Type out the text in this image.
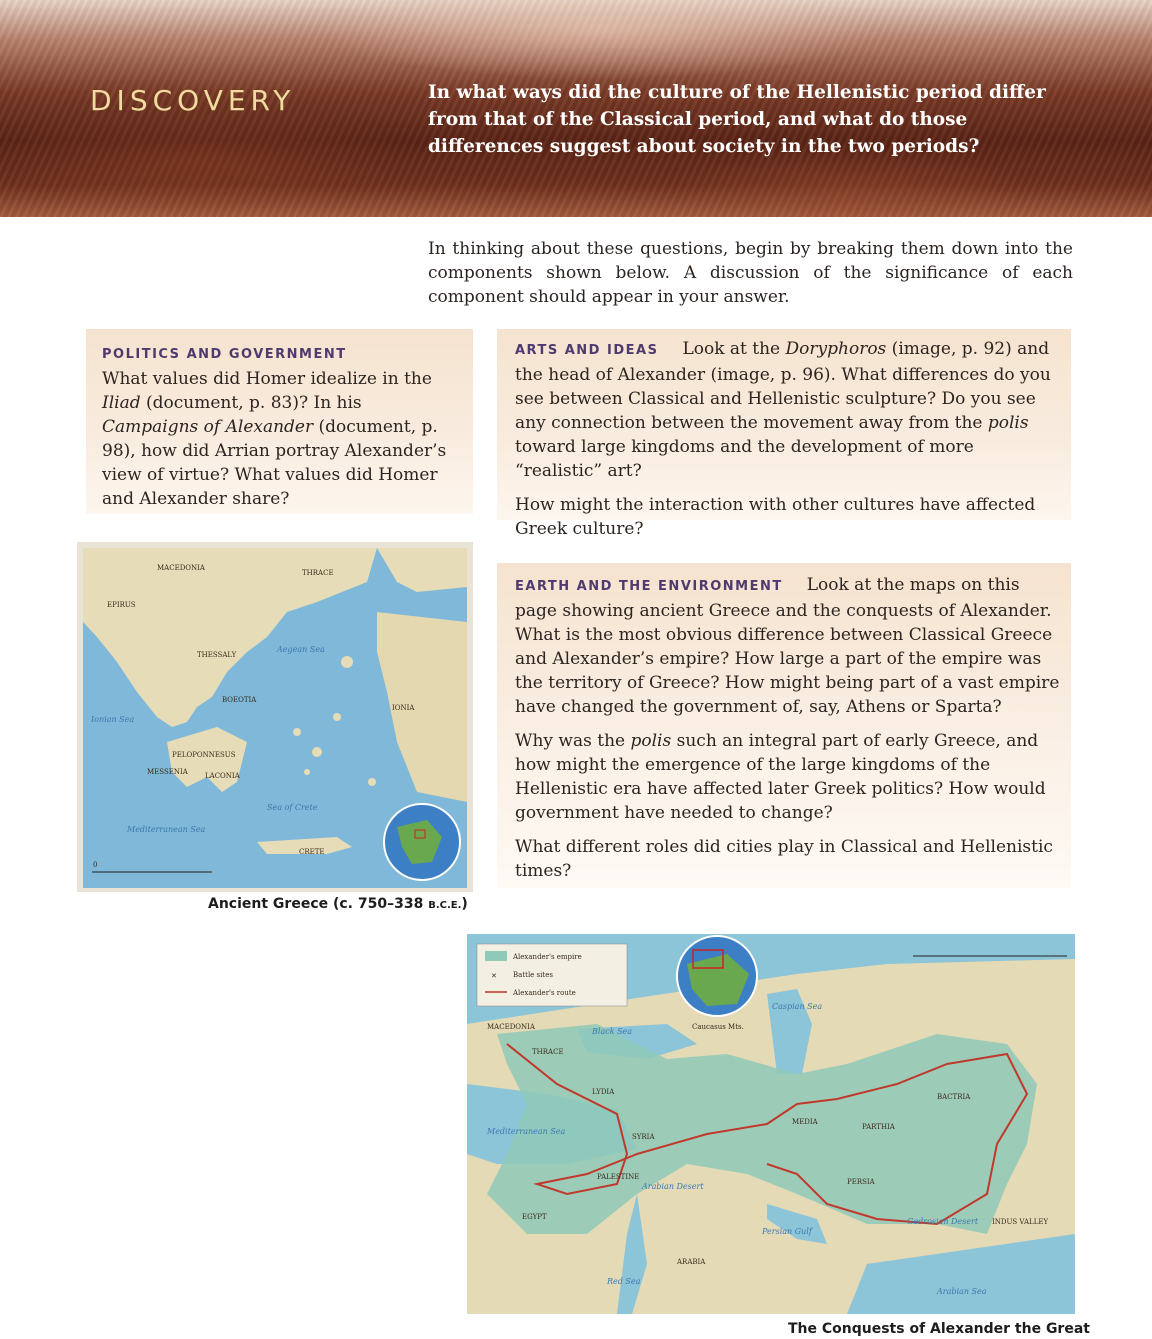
DISCOVERY	In what ways did the culture of the Hellenistic period differ from that of the Classical period, and what do those differences suggest about society in the two periods?
In thinking about these questions, begin by breaking them down into the components shown below. A discussion of the significance of each component should appear in your answer.
POLITICS AND GOVERNMENT
What values did Homer idealize in the Iliad (document, p. 83)? In his Campaigns of Alexander (document, p. 98), how did Arrian portray Alexander’s view of virtue? What values did Homer and Alexander share?

ARTS AND IDEAS Look at the Doryphoros (image, p. 92) and the head of Alexander (image, p. 96). What differences do you see between Classical and Hellenistic sculpture? Do you see any connection between the movement away from the polis toward large kingdoms and the development of more “realistic” art?

How might the interaction with other cultures have affected Greek culture?

EARTH AND THE ENVIRONMENT Look at the maps on this page showing ancient Greece and the conquests of Alexander. What is the most obvious difference between Classical Greece and Alexander’s empire? How large a part of the empire was the territory of Greece? How might being part of a vast empire have changed the government of, say, Athens or Sparta?

Why was the polis such an integral part of early Greece, and how might the emergence of the large kingdoms of the Hellenistic era have affected later Greek politics? How would government have needed to change?

What different roles did cities play in Classical and Hellenistic times?

0
MACEDONIA
THRACE
EPIRUS
THESSALY
BOEOTIA
PELOPONNESUS
MESSENIA LACONIA
IONIA
CRETE
Aegean Sea
Ionian Sea
Mediterranean Sea
Sea of Crete
Ancient Greece (c. 750–338 B.C.E.)
Alexander's empire
✕ Battle sites
Alexander's route
MACEDONIA
THRACE
LYDIA
SYRIA
PALESTINE
EGYPT
ARABIA
MEDIA
PARTHIA
PERSIA
BACTRIA
INDUS VALLEY
Black Sea
Caspian Sea
Arabian Desert
Arabian Sea
Persian Gulf
Red Sea
Mediterranean Sea
Gedrosian Desert
Caucasus Mts.
The Conquests of Alexander the Great
